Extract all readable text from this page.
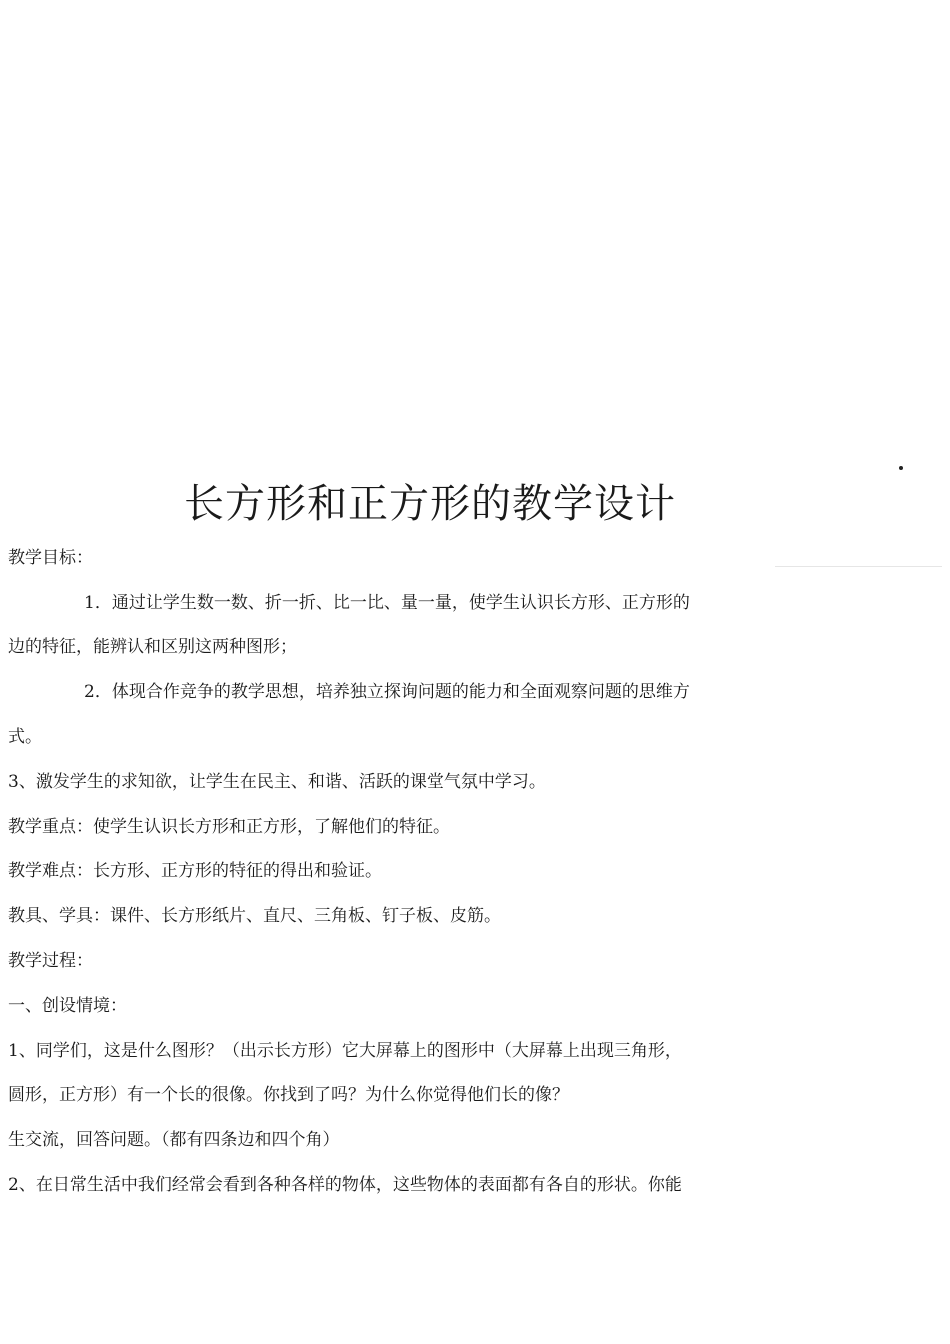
长方形和正方形的教学设计

教学目标：

1．通过让学生数一数、折一折、比一比、量一量，使学生认识长方形、正方形的

边的特征，能辨认和区别这两种图形；

2．体现合作竞争的教学思想，培养独立探询问题的能力和全面观察问题的思维方

式。

3、激发学生的求知欲，让学生在民主、和谐、活跃的课堂气氛中学习。

教学重点：使学生认识长方形和正方形，了解他们的特征。

教学难点：长方形、正方形的特征的得出和验证。

教具、学具：课件、长方形纸片、直尺、三角板、钉子板、皮筋。

教学过程：

一、创设情境：

1、同学们，这是什么图形？（出示长方形）它大屏幕上的图形中（大屏幕上出现三角形，

圆形，正方形）有一个长的很像。你找到了吗？为什么你觉得他们长的像？

生交流，回答问题。（都有四条边和四个角）

2、在日常生活中我们经常会看到各种各样的物体，这些物体的表面都有各自的形状。你能
